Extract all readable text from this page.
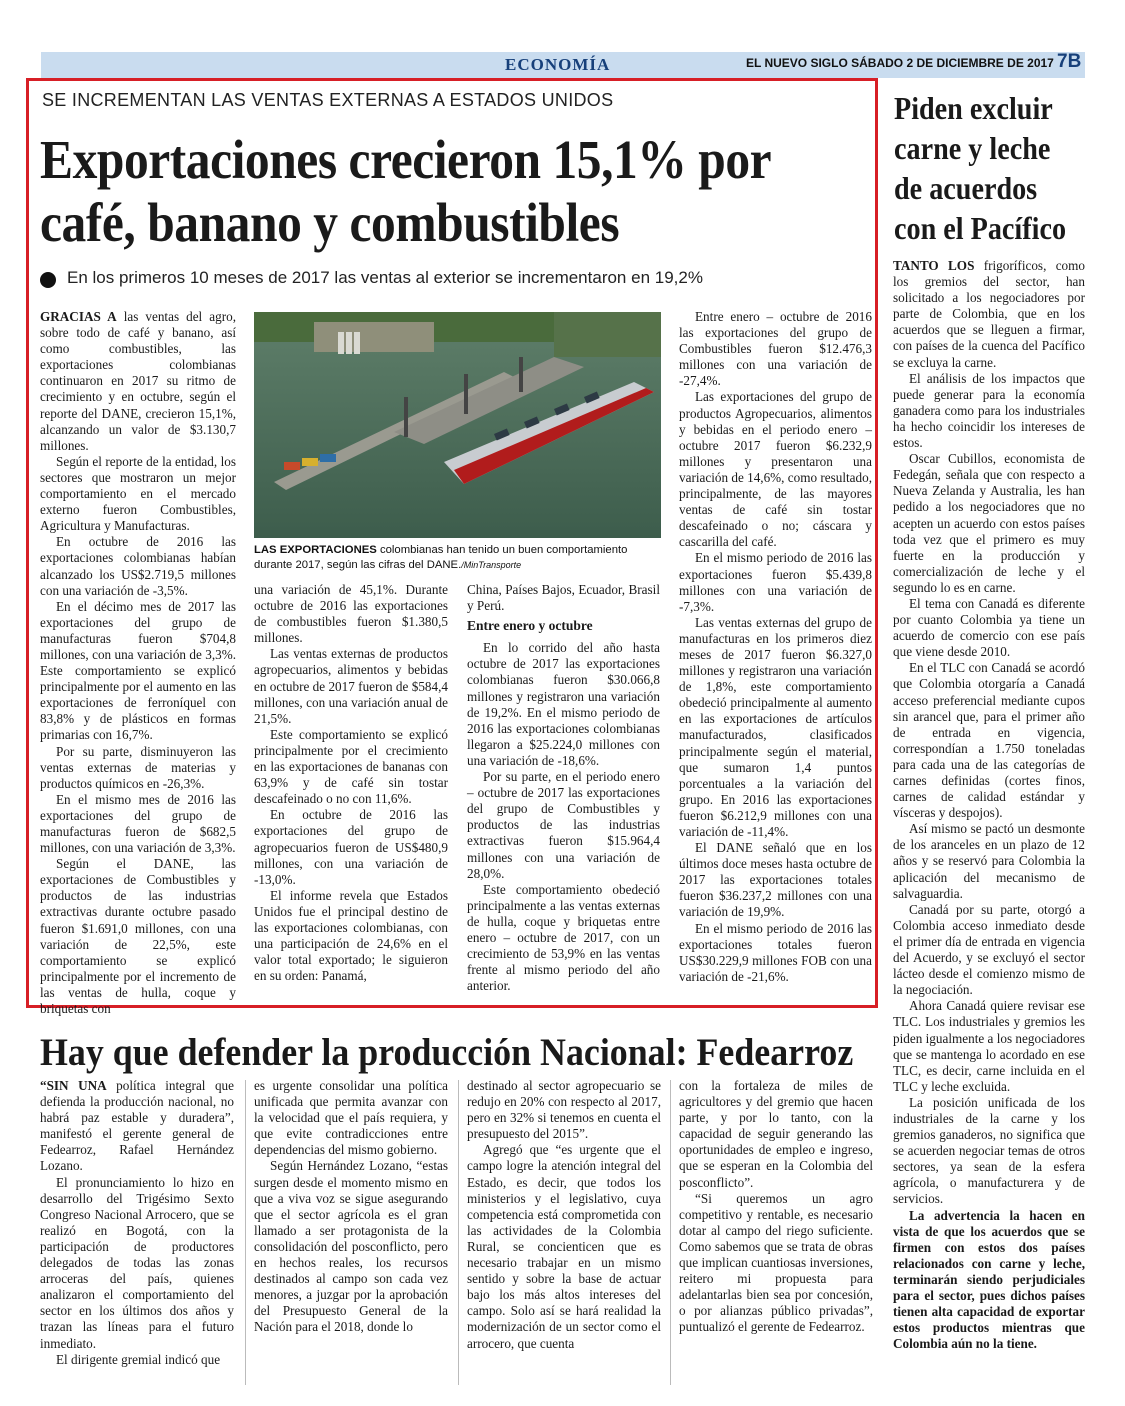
ECONOMÍA	EL NUEVO SIGLO SÁBADO 2 DE DICIEMBRE DE 2017 7B
SE INCREMENTAN LAS VENTAS EXTERNAS A ESTADOS UNIDOS
Exportaciones crecieron 15,1% por café, banano y combustibles
En los primeros 10 meses de 2017 las ventas al exterior se incrementaron en 19,2%

GRACIAS A las ventas del agro, sobre todo de café y banano, así como combustibles, las exportaciones colombianas continuaron en 2017 su ritmo de crecimiento y en octubre, según el reporte del DANE, crecieron 15,1%, alcanzando un valor de $3.130,7 millones.

Según el reporte de la entidad, los sectores que mostraron un mejor comportamiento en el mercado externo fueron Combustibles, Agricultura y Manufacturas.

En octubre de 2016 las exportaciones colombianas habían alcanzado los US$2.719,5 millones con una variación de -3,5%.

En el décimo mes de 2017 las exportaciones del grupo de manufacturas fueron $704,8 millones, con una variación de 3,3%. Este comportamiento se explicó principalmente por el aumento en las exportaciones de ferroníquel con 83,8% y de plásticos en formas primarias con 16,7%.

Por su parte, disminuyeron las ventas externas de materias y productos químicos en -26,3%.

En el mismo mes de 2016 las exportaciones del grupo de manufacturas fueron de $682,5 millones, con una variación de 3,3%.

Según el DANE, las exportaciones de Combustibles y productos de las industrias extractivas durante octubre pasado fueron $1.691,0 millones, con una variación de 22,5%, este comportamiento se explicó principalmente por el incremento de las ventas de hulla, coque y briquetas con

LAS EXPORTACIONES colombianas han tenido un buen comportamiento durante 2017, según las cifras del DANE./MinTransporte

una variación de 45,1%. Durante octubre de 2016 las exportaciones de combustibles fueron $1.380,5 millones.

Las ventas externas de productos agropecuarios, alimentos y bebidas en octubre de 2017 fueron de $584,4 millones, con una variación anual de 21,5%.

Este comportamiento se explicó principalmente por el crecimiento en las exportaciones de bananas con 63,9% y de café sin tostar descafeinado o no con 11,6%.

En octubre de 2016 las exportaciones del grupo de agropecuarios fueron de US$480,9 millones, con una variación de -13,0%.

El informe revela que Estados Unidos fue el principal destino de las exportaciones colombianas, con una participación de 24,6% en el valor total exportado; le siguieron en su orden: Panamá,

China, Países Bajos, Ecuador, Brasil y Perú.

Entre enero y octubre

En lo corrido del año hasta octubre de 2017 las exportaciones colombianas fueron $30.066,8 millones y registraron una variación de 19,2%. En el mismo periodo de 2016 las exportaciones colombianas llegaron a $25.224,0 millones con una variación de -18,6%.

Por su parte, en el periodo enero – octubre de 2017 las exportaciones del grupo de Combustibles y productos de las industrias extractivas fueron $15.964,4 millones con una variación de 28,0%.

Este comportamiento obedeció principalmente a las ventas externas de hulla, coque y briquetas entre enero – octubre de 2017, con un crecimiento de 53,9% en las ventas frente al mismo periodo del año anterior.

Entre enero – octubre de 2016 las exportaciones del grupo de Combustibles fueron $12.476,3 millones con una variación de -27,4%.

Las exportaciones del grupo de productos Agropecuarios, alimentos y bebidas en el periodo enero – octubre 2017 fueron $6.232,9 millones y presentaron una variación de 14,6%, como resultado, principalmente, de las mayores ventas de café sin tostar descafeinado o no; cáscara y cascarilla del café.

En el mismo periodo de 2016 las exportaciones fueron $5.439,8 millones con una variación de -7,3%.

Las ventas externas del grupo de manufacturas en los primeros diez meses de 2017 fueron $6.327,0 millones y registraron una variación de 1,8%, este comportamiento obedeció principalmente al aumento en las exportaciones de artículos manufacturados, clasificados principalmente según el material, que sumaron 1,4 puntos porcentuales a la variación del grupo. En 2016 las exportaciones fueron $6.212,9 millones con una variación de -11,4%.

El DANE señaló que en los últimos doce meses hasta octubre de 2017 las exportaciones totales fueron $36.237,2 millones con una variación de 19,9%.

En el mismo periodo de 2016 las exportaciones totales fueron US$30.229,9 millones FOB con una variación de -21,6%.

Piden excluir carne y leche de acuerdos con el Pacífico

TANTO LOS frigoríficos, como los gremios del sector, han solicitado a los negociadores por parte de Colombia, que en los acuerdos que se lleguen a firmar, con países de la cuenca del Pacífico se excluya la carne.

El análisis de los impactos que puede generar para la economía ganadera como para los industriales ha hecho coincidir los intereses de estos.

Oscar Cubillos, economista de Fedegán, señala que con respecto a Nueva Zelanda y Australia, les han pedido a los negociadores que no acepten un acuerdo con estos países toda vez que el primero es muy fuerte en la producción y comercialización de leche y el segundo lo es en carne.

El tema con Canadá es diferente por cuanto Colombia ya tiene un acuerdo de comercio con ese país que viene desde 2010.

En el TLC con Canadá se acordó que Colombia otorgaría a Canadá acceso preferencial mediante cupos sin arancel que, para el primer año de entrada en vigencia, correspondían a 1.750 toneladas para cada una de las categorías de carnes definidas (cortes finos, carnes de calidad estándar y vísceras y despojos).

Así mismo se pactó un desmonte de los aranceles en un plazo de 12 años y se reservó para Colombia la aplicación del mecanismo de salvaguardia.

Canadá por su parte, otorgó a Colombia acceso inmediato desde el primer día de entrada en vigencia del Acuerdo, y se excluyó el sector lácteo desde el comienzo mismo de la negociación.

Ahora Canadá quiere revisar ese TLC. Los industriales y gremios les piden igualmente a los negociadores que se mantenga lo acordado en ese TLC, es decir, carne incluida en el TLC y leche excluida.

La posición unificada de los industriales de la carne y los gremios ganaderos, no significa que se acuerden negociar temas de otros sectores, ya sean de la esfera agrícola, o manufacturera y de servicios.

La advertencia la hacen en vista de que los acuerdos que se firmen con estos dos países relacionados con carne y leche, terminarán siendo perjudiciales para el sector, pues dichos países tienen alta capacidad de exportar estos productos mientras que Colombia aún no la tiene.

Hay que defender la producción Nacional: Fedearroz

“SIN UNA política integral que defienda la producción nacional, no habrá paz estable y duradera”, manifestó el gerente general de Fedearroz, Rafael Hernández Lozano.

El pronunciamiento lo hizo en desarrollo del Trigésimo Sexto Congreso Nacional Arrocero, que se realizó en Bogotá, con la participación de productores delegados de todas las zonas arroceras del país, quienes analizaron el comportamiento del sector en los últimos dos años y trazan las líneas para el futuro inmediato.

El dirigente gremial indicó que

es urgente consolidar una política unificada que permita avanzar con la velocidad que el país requiera, y que evite contradicciones entre dependencias del mismo gobierno.

Según Hernández Lozano, “estas surgen desde el momento mismo en que a viva voz se sigue asegurando que el sector agrícola es el gran llamado a ser protagonista de la consolidación del posconflicto, pero en hechos reales, los recursos destinados al campo son cada vez menores, a juzgar por la aprobación del Presupuesto General de la Nación para el 2018, donde lo

destinado al sector agropecuario se redujo en 20% con respecto al 2017, pero en 32% si tenemos en cuenta el presupuesto del 2015”.

Agregó que “es urgente que el campo logre la atención integral del Estado, es decir, que todos los ministerios y el legislativo, cuya competencia está comprometida con las actividades de la Colombia Rural, se concienticen que es necesario trabajar en un mismo sentido y sobre la base de actuar bajo los más altos intereses del campo. Solo así se hará realidad la modernización de un sector como el arrocero, que cuenta

con la fortaleza de miles de agricultores y del gremio que hacen parte, y por lo tanto, con la capacidad de seguir generando las oportunidades de empleo e ingreso, que se esperan en la Colombia del posconflicto”.

“Si queremos un agro competitivo y rentable, es necesario dotar al campo del riego suficiente. Como sabemos que se trata de obras que implican cuantiosas inversiones, reitero mi propuesta para adelantarlas bien sea por concesión, o por alianzas público privadas”, puntualizó el gerente de Fedearroz.
